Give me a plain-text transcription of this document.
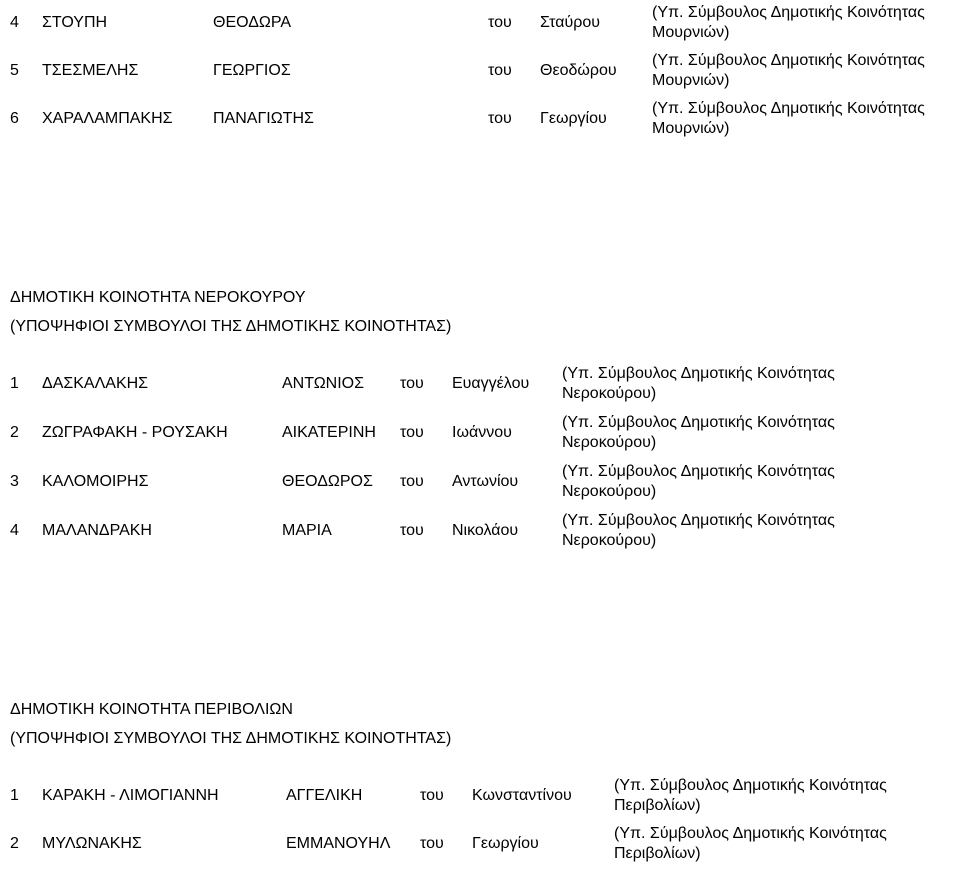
4 ΣΤΟΥΠΗ	ΘΕΟΔΩΡΑ	του Σταύρου
(Υπ. Σύμβουλος Δημοτικής Κοινότητας
Μουρνιών)
5 ΤΣΕΣΜΕΛΗΣ	ΓΕΩΡΓΙΟΣ	του Θεοδώρου
(Υπ. Σύμβουλος Δημοτικής Κοινότητας
Μουρνιών)
6 ΧΑΡΑΛΑΜΠΑΚΗΣ	ΠΑΝΑΓΙΩΤΗΣ	του Γεωργίου
(Υπ. Σύμβουλος Δημοτικής Κοινότητας
Μουρνιών)
ΔΗΜΟΤΙΚΗ ΚΟΙΝΟΤΗΤΑ ΝΕΡΟΚΟΥΡΟΥ
(ΥΠΟΨΗΦΙΟΙ ΣΥΜΒΟΥΛΟΙ ΤΗΣ ΔΗΜΟΤΙΚΗΣ ΚΟΙΝΟΤΗΤΑΣ)
1 ΔΑΣΚΑΛΑΚΗΣ	ΑΝΤΩΝΙΟΣ του Ευαγγέλου
(Υπ. Σύμβουλος Δημοτικής Κοινότητας
Νεροκούρου)
2 ΖΩΓΡΑΦΑΚΗ - ΡΟΥΣΑΚΗ	ΑΙΚΑΤΕΡΙΝΗ του Ιωάννου
(Υπ. Σύμβουλος Δημοτικής Κοινότητας
Νεροκούρου)
3 ΚΑΛΟΜΟΙΡΗΣ	ΘΕΟΔΩΡΟΣ του Αντωνίου
(Υπ. Σύμβουλος Δημοτικής Κοινότητας
Νεροκούρου)
4 ΜΑΛΑΝΔΡΑΚΗ	ΜΑΡΙΑ	του Νικολάου
(Υπ. Σύμβουλος Δημοτικής Κοινότητας
Νεροκούρου)
ΔΗΜΟΤΙΚΗ ΚΟΙΝΟΤΗΤΑ ΠΕΡΙΒΟΛΙΩΝ
(ΥΠΟΨΗΦΙΟΙ ΣΥΜΒΟΥΛΟΙ ΤΗΣ ΔΗΜΟΤΙΚΗΣ ΚΟΙΝΟΤΗΤΑΣ)
1 ΚΑΡΑΚΗ - ΛΙΜΟΓΙΑΝΝΗ	ΑΓΓΕΛΙΚΗ	του Κωνσταντίνου
(Υπ. Σύμβουλος Δημοτικής Κοινότητας
Περιβολίων)
2 ΜΥΛΩΝΑΚΗΣ	ΕΜΜΑΝΟΥΗΛ του Γεωργίου
(Υπ. Σύμβουλος Δημοτικής Κοινότητας
Περιβολίων)
